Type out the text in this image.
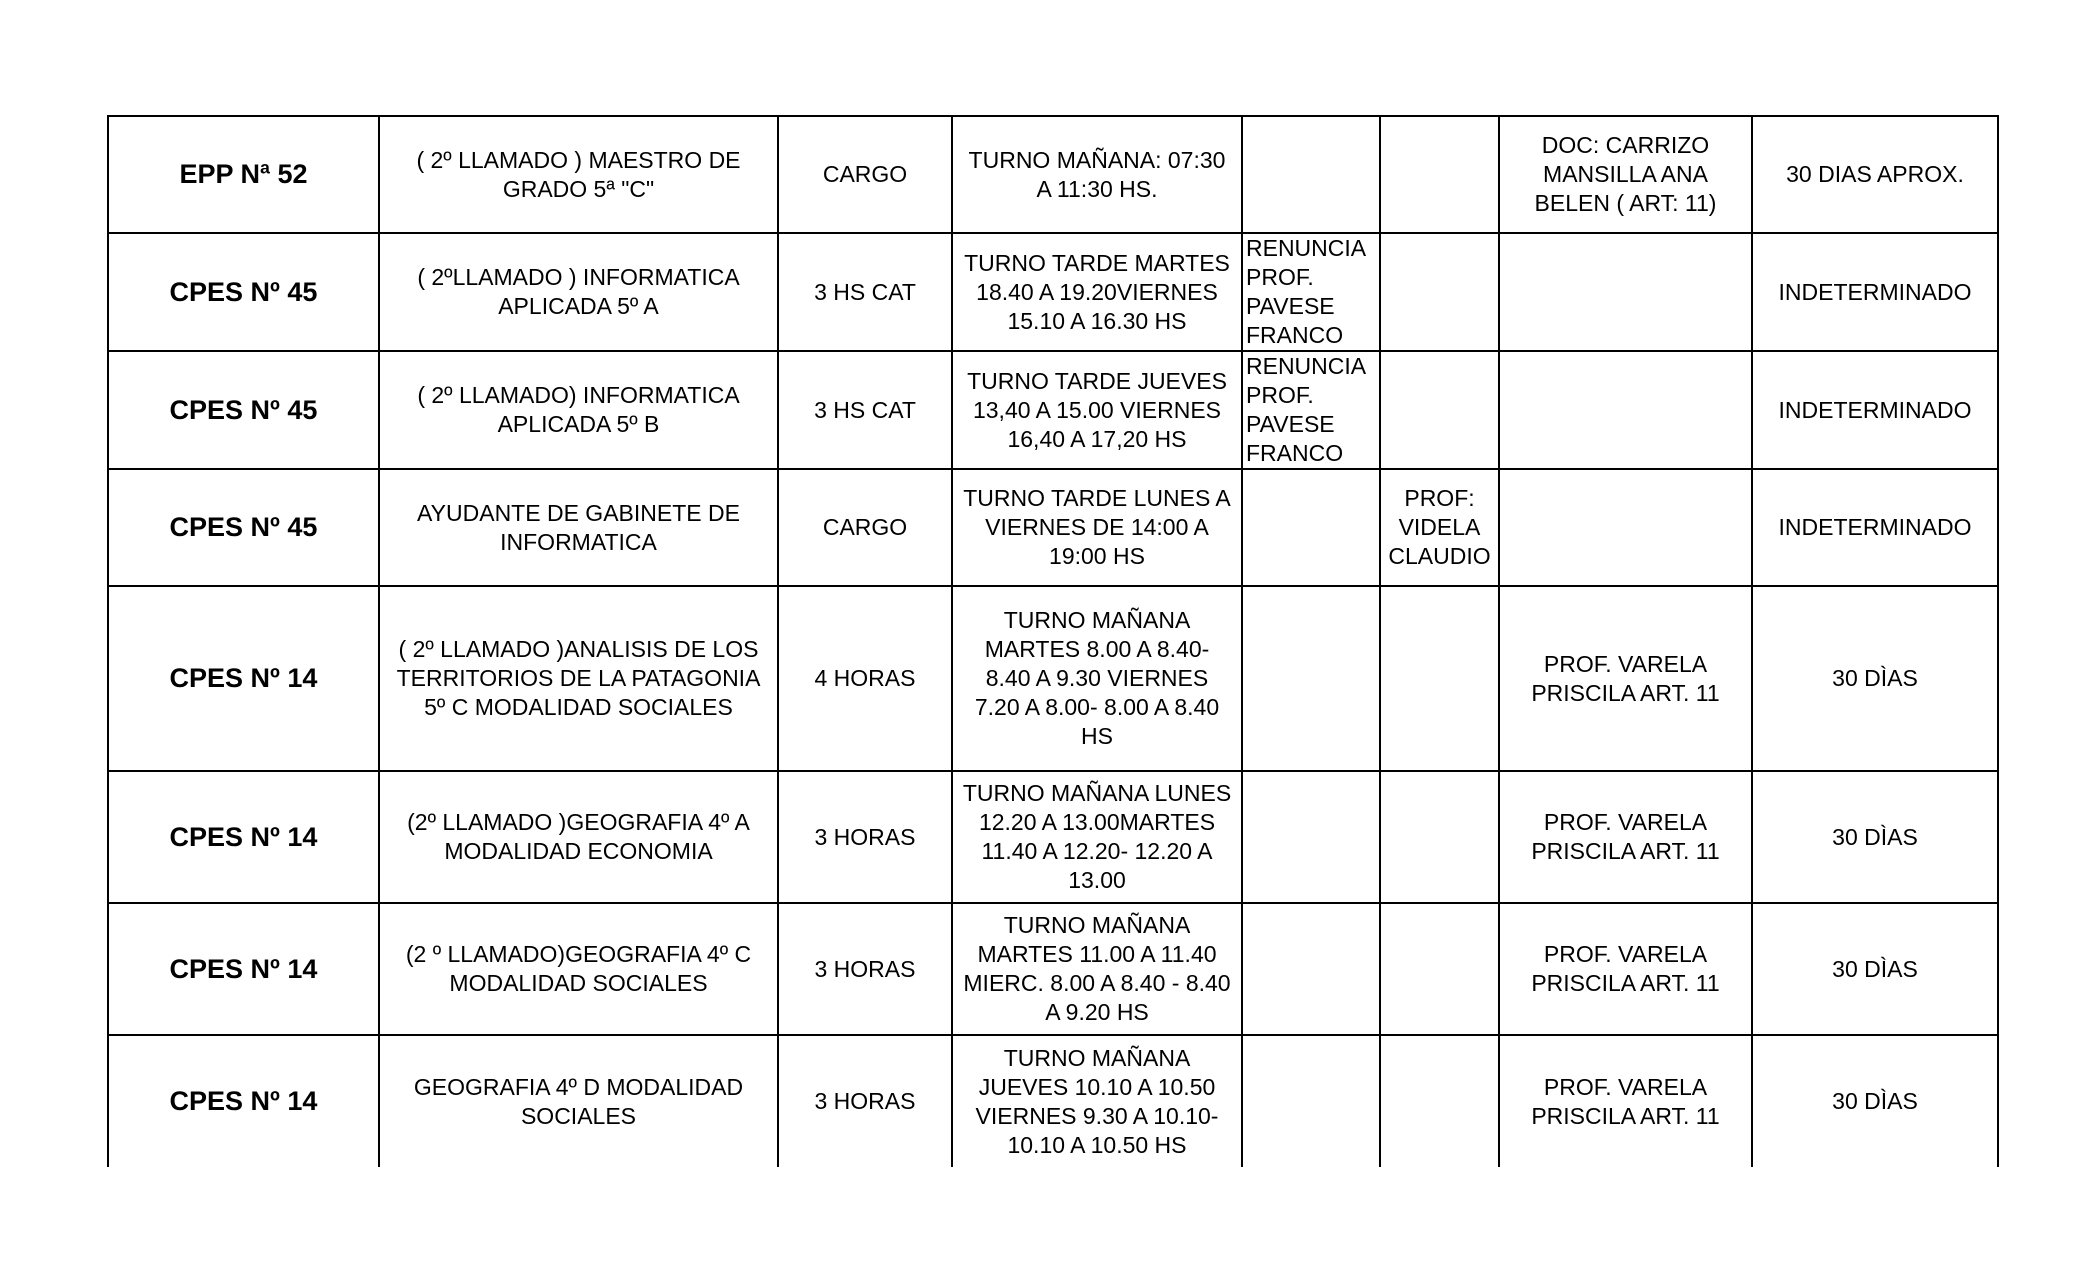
EPP Nª 52	( 2º LLAMADO ) MAESTRO DE
GRADO 5ª "C"	CARGO	TURNO MAÑANA: 07:30
A 11:30 HS.			DOC: CARRIZO
MANSILLA ANA
BELEN ( ART: 11)	30 DIAS APROX.
CPES Nº 45	( 2ºLLAMADO ) INFORMATICA
APLICADA 5º A	3 HS CAT	TURNO TARDE MARTES
18.40 A 19.20VIERNES
15.10 A 16.30 HS	RENUNCIA
PROF.
PAVESE
FRANCO			INDETERMINADO
CPES Nº 45	( 2º LLAMADO) INFORMATICA
APLICADA 5º B	3 HS CAT	TURNO TARDE JUEVES
13,40 A 15.00 VIERNES
16,40 A 17,20 HS	RENUNCIA
PROF.
PAVESE
FRANCO			INDETERMINADO
CPES Nº 45	AYUDANTE DE GABINETE DE
INFORMATICA	CARGO	TURNO TARDE LUNES A
VIERNES DE 14:00 A
19:00 HS		PROF:
VIDELA
CLAUDIO		INDETERMINADO
CPES Nº 14	( 2º LLAMADO )ANALISIS DE LOS
TERRITORIOS DE LA PATAGONIA
5º C MODALIDAD SOCIALES	4 HORAS	TURNO MAÑANA
MARTES 8.00 A 8.40-
8.40 A 9.30 VIERNES
7.20 A 8.00- 8.00 A 8.40
HS			PROF. VARELA
PRISCILA ART. 11	30 DÌAS
CPES Nº 14	(2º LLAMADO )GEOGRAFIA 4º A
MODALIDAD ECONOMIA	3 HORAS	TURNO MAÑANA LUNES
12.20 A 13.00MARTES
11.40 A 12.20- 12.20 A
13.00			PROF. VARELA
PRISCILA ART. 11	30 DÌAS
CPES Nº 14	(2 º LLAMADO)GEOGRAFIA 4º C
MODALIDAD SOCIALES	3 HORAS	TURNO MAÑANA
MARTES 11.00 A 11.40
MIERC. 8.00 A 8.40 - 8.40
A 9.20 HS			PROF. VARELA
PRISCILA ART. 11	30 DÌAS
CPES Nº 14	GEOGRAFIA 4º D MODALIDAD
SOCIALES	3 HORAS	TURNO MAÑANA
JUEVES 10.10 A 10.50
VIERNES 9.30 A 10.10-
10.10 A 10.50 HS			PROF. VARELA
PRISCILA ART. 11	30 DÌAS
